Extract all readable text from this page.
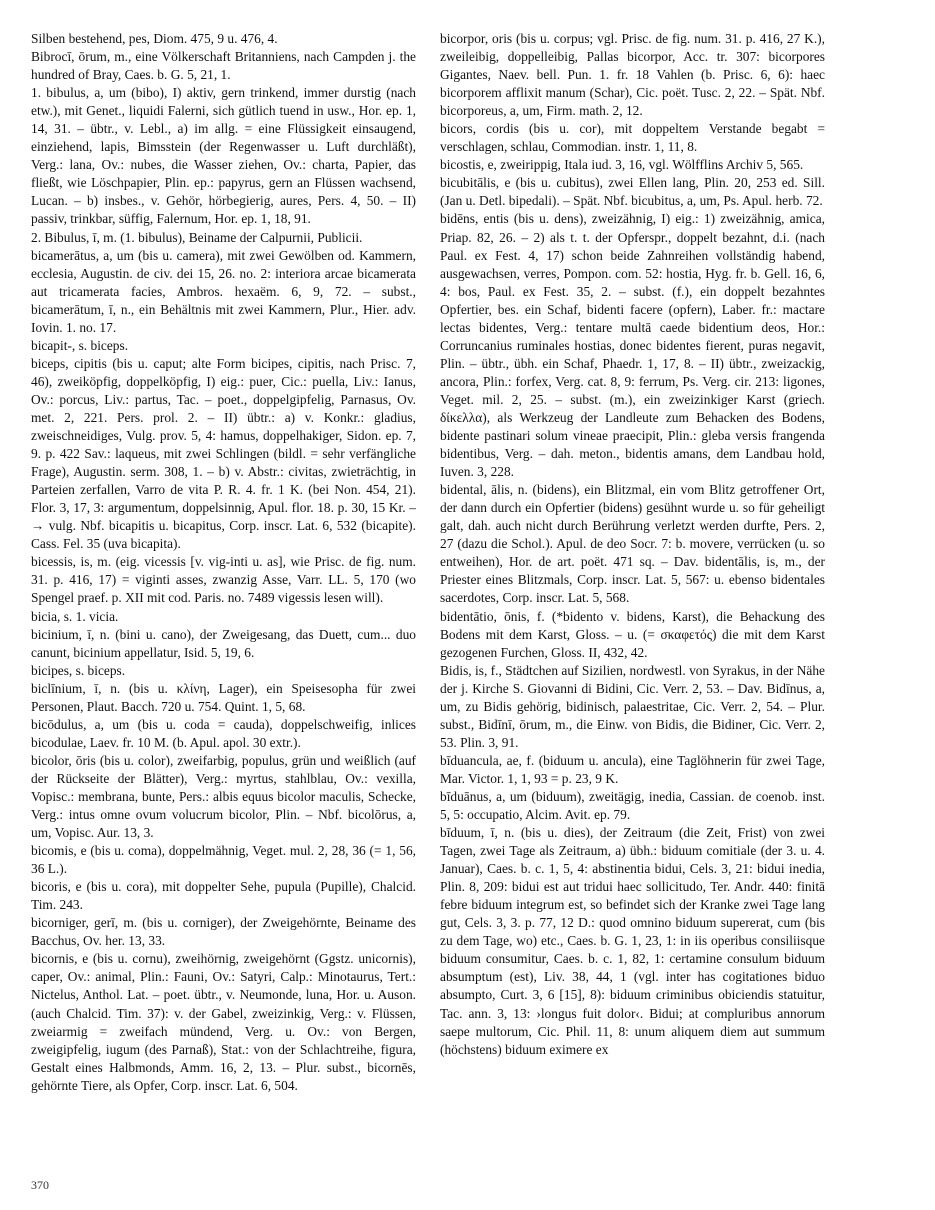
Silben bestehend, pes, Diom. 475, 9 u. 476, 4.

Bibrocī, ōrum, m., eine Völkerschaft Britanniens, nach Campden j. the hundred of Bray, Caes. b. G. 5, 21, 1.

1. bibulus, a, um (bibo), I) aktiv, gern trinkend, immer durstig (nach etw.), mit Genet., liquidi Falerni, sich gütlich tuend in usw., Hor. ep. 1, 14, 31. – übtr., v. Lebl., a) im allg. = eine Flüssigkeit einsaugend, einziehend, lapis, Bimsstein (der Regenwasser u. Luft durchläßt), Verg.: lana, Ov.: nubes, die Wasser ziehen, Ov.: charta, Papier, das fließt, wie Löschpapier, Plin. ep.: papyrus, gern an Flüssen wachsend, Lucan. – b) insbes., v. Gehör, hörbegierig, aures, Pers. 4, 50. – II) passiv, trinkbar, süffig, Falernum, Hor. ep. 1, 18, 91.

2. Bibulus, ī, m. (1. bibulus), Beiname der Calpurnii, Publicii.

bicamerātus, a, um (bis u. camera), mit zwei Gewölben od. Kammern, ecclesia, Augustin. de civ. dei 15, 26. no. 2: interiora arcae bicamerata aut tricamerata facies, Ambros. hexaëm. 6, 9, 72. – subst., bicamerātum, ī, n., ein Behältnis mit zwei Kammern, Plur., Hier. adv. Iovin. 1. no. 17.

bicapit-, s. biceps.

biceps, cipitis (bis u. caput; alte Form bicipes, cipitis, nach Prisc. 7, 46), zweiköpfig, doppelköpfig, I) eig.: puer, Cic.: puella, Liv.: Ianus, Ov.: porcus, Liv.: partus, Tac. – poet., doppelgipfelig, Parnasus, Ov. met. 2, 221. Pers. prol. 2. – II) übtr.: a) v. Konkr.: gladius, zweischneidiges, Vulg. prov. 5, 4: hamus, doppelhakiger, Sidon. ep. 7, 9. p. 422 Sav.: laqueus, mit zwei Schlingen (bildl. = sehr verfängliche Frage), Augustin. serm. 308, 1. – b) v. Abstr.: civitas, zwieträchtig, in Parteien zerfallen, Varro de vita P. R. 4. fr. 1 K. (bei Non. 454, 21). Flor. 3, 17, 3: argumentum, doppelsinnig, Apul. flor. 18. p. 30, 15 Kr. – → vulg. Nbf. bicapitis u. bicapitus, Corp. inscr. Lat. 6, 532 (bicapite). Cass. Fel. 35 (uva bicapita).

bicessis, is, m. (eig. vicessis [v. vig-inti u. as], wie Prisc. de fig. num. 31. p. 416, 17) = viginti asses, zwanzig Asse, Varr. LL. 5, 170 (wo Spengel praef. p. XII mit cod. Paris. no. 7489 vigessis lesen will).

bicia, s. 1. vicia.

bicinium, ī, n. (bini u. cano), der Zweigesang, das Duett, cum... duo canunt, bicinium appellatur, Isid. 5, 19, 6.

bicipes, s. biceps.

biclīnium, ī, n. (bis u. κλίνη, Lager), ein Speisesopha für zwei Personen, Plaut. Bacch. 720 u. 754. Quint. 1, 5, 68.

bicōdulus, a, um (bis u. coda = cauda), doppelschweifig, inlices bicodulae, Laev. fr. 10 M. (b. Apul. apol. 30 extr.).

bicolor, ōris (bis u. color), zweifarbig, populus, grün und weißlich (auf der Rückseite der Blätter), Verg.: myrtus, stahlblau, Ov.: vexilla, Vopisc.: membrana, bunte, Pers.: albis equus bicolor maculis, Schecke, Verg.: intus omne ovum volucrum bicolor, Plin. – Nbf. bicolōrus, a, um, Vopisc. Aur. 13, 3.

bicomis, e (bis u. coma), doppelmähnig, Veget. mul. 2, 28, 36 (= 1, 56, 36 L.).

bicoris, e (bis u. cora), mit doppelter Sehe, pupula (Pupille), Chalcid. Tim. 243.

bicorniger, gerī, m. (bis u. corniger), der Zweigehörnte, Beiname des Bacchus, Ov. her. 13, 33.

bicornis, e (bis u. cornu), zweihörnig, zweigehörnt (Ggstz. unicornis), caper, Ov.: animal, Plin.: Fauni, Ov.: Satyri, Calp.: Minotaurus, Tert.: Nictelus, Anthol. Lat. – poet. übtr., v. Neumonde, luna, Hor. u. Auson. (auch Chalcid. Tim. 37): v. der Gabel, zweizinkig, Verg.: v. Flüssen, zweiarmig = zweifach mündend, Verg. u. Ov.: von Bergen, zweigipfelig, iugum (des Parnaß), Stat.: von der Schlachtreihe, figura, Gestalt eines Halbmonds, Amm. 16, 2, 13. – Plur. subst., bicornēs, gehörnte Tiere, als Opfer, Corp. inscr. Lat. 6, 504.

bicorpor, oris (bis u. corpus; vgl. Prisc. de fig. num. 31. p. 416, 27 K.), zweileibig, doppelleibig, Pallas bicorpor, Acc. tr. 307: bicorpores Gigantes, Naev. bell. Pun. 1. fr. 18 Vahlen (b. Prisc. 6, 6): haec bicorporem afflixit manum (Schar), Cic. poët. Tusc. 2, 22. – Spät. Nbf. bicorporeus, a, um, Firm. math. 2, 12.

bicors, cordis (bis u. cor), mit doppeltem Verstande begabt = verschlagen, schlau, Commodian. instr. 1, 11, 8.

bicostis, e, zweirippig, Itala iud. 3, 16, vgl. Wölfflins Archiv 5, 565.

bicubitālis, e (bis u. cubitus), zwei Ellen lang, Plin. 20, 253 ed. Sill. (Jan u. Detl. bipedali). – Spät. Nbf. bicubitus, a, um, Ps. Apul. herb. 72.

bidēns, entis (bis u. dens), zweizähnig, I) eig.: 1) zweizähnig, amica, Priap. 82, 26. – 2) als t. t. der Opferspr., doppelt bezahnt, d.i. (nach Paul. ex Fest. 4, 17) schon beide Zahnreihen vollständig habend, ausgewachsen, verres, Pompon. com. 52: hostia, Hyg. fr. b. Gell. 16, 6, 4: bos, Paul. ex Fest. 35, 2. – subst. (f.), ein doppelt bezahntes Opfertier, bes. ein Schaf, bidenti facere (opfern), Laber. fr.: mactare lectas bidentes, Verg.: tentare multā caede bidentium deos, Hor.: Corruncanius ruminales hostias, donec bidentes fierent, puras negavit, Plin. – übtr., übh. ein Schaf, Phaedr. 1, 17, 8. – II) übtr., zweizackig, ancora, Plin.: forfex, Verg. cat. 8, 9: ferrum, Ps. Verg. cir. 213: ligones, Veget. mil. 2, 25. – subst. (m.), ein zweizinkiger Karst (griech. δίκελλα), als Werkzeug der Landleute zum Behacken des Bodens, bidente pastinari solum vineae praecipit, Plin.: gleba versis frangenda bidentibus, Verg. – dah. meton., bidentis amans, dem Landbau hold, Iuven. 3, 228.

bidental, ālis, n. (bidens), ein Blitzmal, ein vom Blitz getroffener Ort, der dann durch ein Opfertier (bidens) gesühnt wurde u. so für geheiligt galt, dah. auch nicht durch Berührung verletzt werden durfte, Pers. 2, 27 (dazu die Schol.). Apul. de deo Socr. 7: b. movere, verrücken (u. so entweihen), Hor. de art. poët. 471 sq. – Dav. bidentālis, is, m., der Priester eines Blitzmals, Corp. inscr. Lat. 5, 567: u. ebenso bidentales sacerdotes, Corp. inscr. Lat. 5, 568.

bidentātio, ōnis, f. (*bidento v. bidens, Karst), die Behackung des Bodens mit dem Karst, Gloss. – u. (= σκαφετός) die mit dem Karst gezogenen Furchen, Gloss. II, 432, 42.

Bidis, is, f., Städtchen auf Sizilien, nordwestl. von Syrakus, in der Nähe der j. Kirche S. Giovanni di Bidini, Cic. Verr. 2, 53. – Dav. Bidīnus, a, um, zu Bidis gehörig, bidinisch, palaestritae, Cic. Verr. 2, 54. – Plur. subst., Bidīnī, ōrum, m., die Einw. von Bidis, die Bidiner, Cic. Verr. 2, 53. Plin. 3, 91.

bīduancula, ae, f. (biduum u. ancula), eine Taglöhnerin für zwei Tage, Mar. Victor. 1, 1, 93 = p. 23, 9 K.

bīduānus, a, um (biduum), zweitägig, inedia, Cassian. de coenob. inst. 5, 5: occupatio, Alcim. Avit. ep. 79.

bīduum, ī, n. (bis u. dies), der Zeitraum (die Zeit, Frist) von zwei Tagen, zwei Tage als Zeitraum, a) übh.: biduum comitiale (der 3. u. 4. Januar), Caes. b. c. 1, 5, 4: abstinentia bidui, Cels. 3, 21: bidui inedia, Plin. 8, 209: bidui est aut tridui haec sollicitudo, Ter. Andr. 440: finitā febre biduum integrum est, so befindet sich der Kranke zwei Tage lang gut, Cels. 3, 3. p. 77, 12 D.: quod omnino biduum supererat, cum (bis zu dem Tage, wo) etc., Caes. b. G. 1, 23, 1: in iis operibus consiliisque biduum consumitur, Caes. b. c. 1, 82, 1: certamine consulum biduum absumptum (est), Liv. 38, 44, 1 (vgl. inter has cogitationes biduo absumpto, Curt. 3, 6 [15], 8): biduum criminibus obiciendis statuitur, Tac. ann. 3, 13: ›longus fuit dolor‹. Bidui; at compluribus annorum saepe multorum, Cic. Phil. 11, 8: unum aliquem diem aut summum (höchstens) biduum eximere ex

370
